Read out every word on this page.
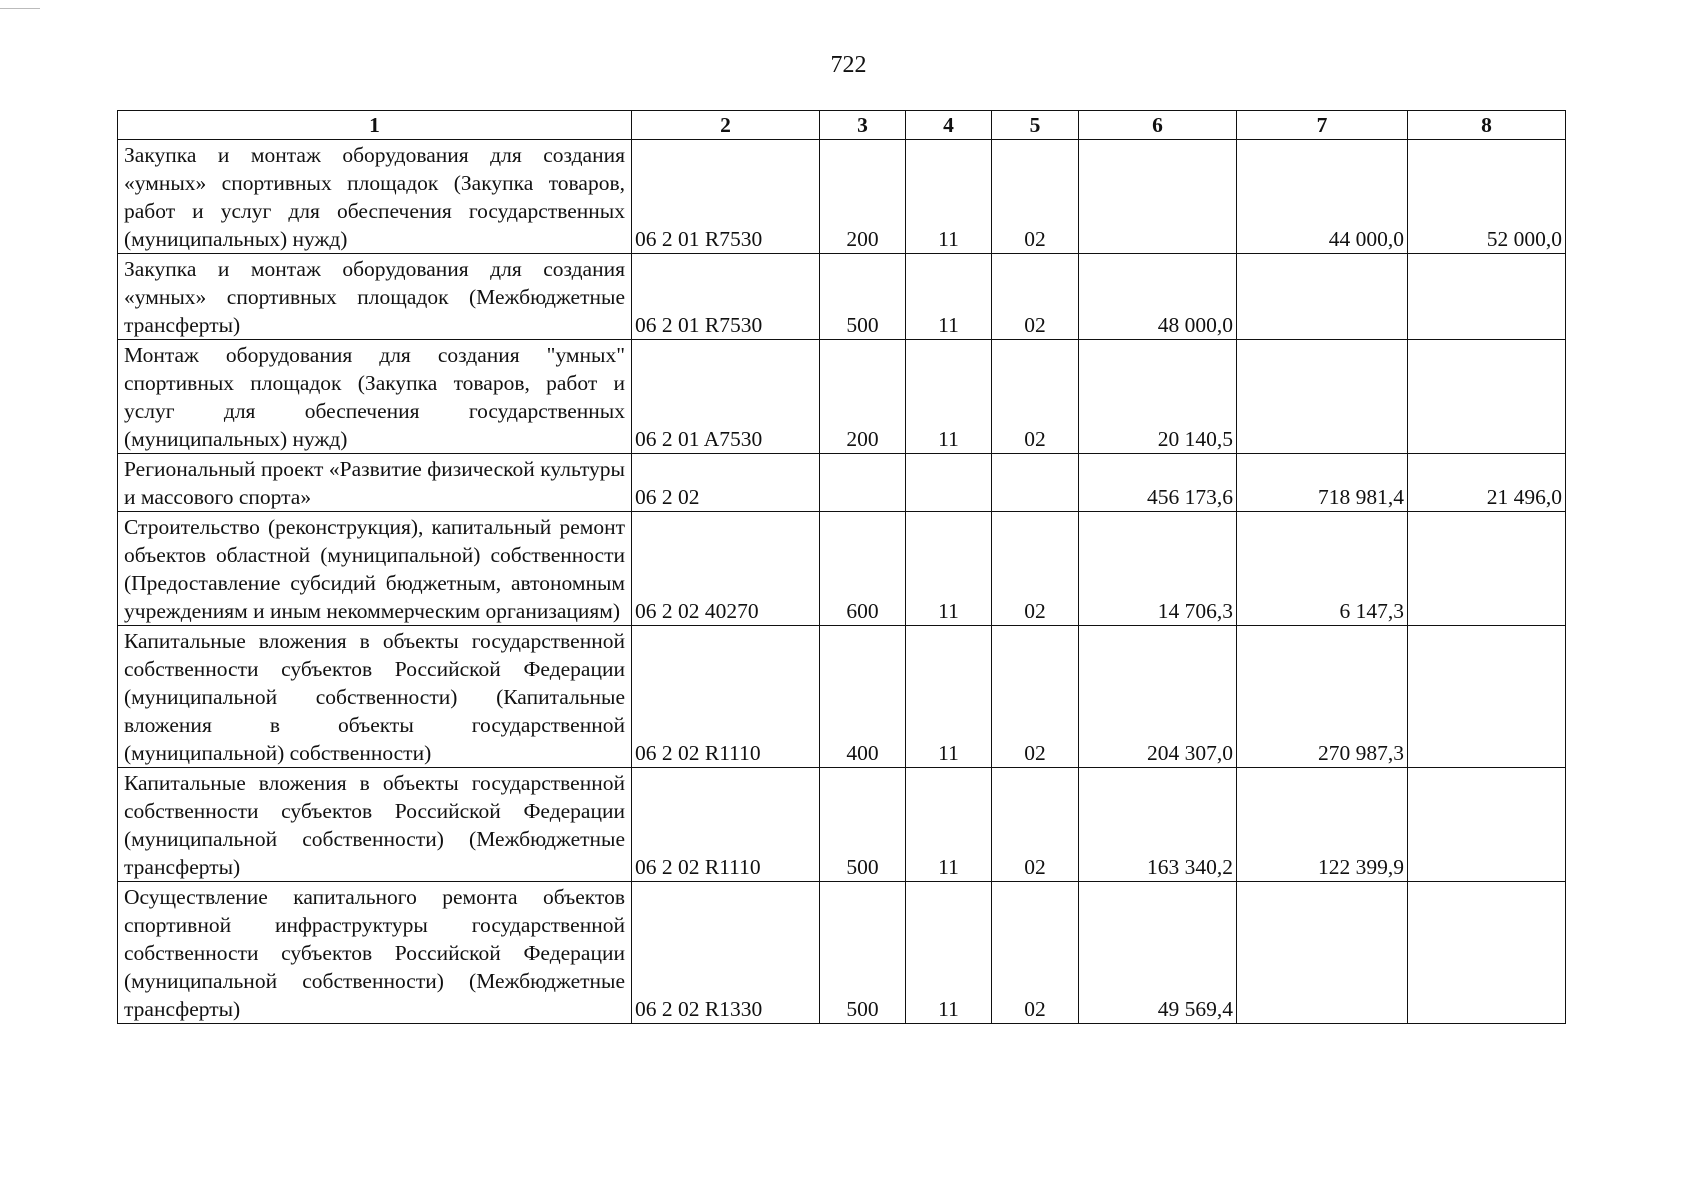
722
1	2	3	4	5	6	7	8
Закупка и монтаж оборудования для создания «умных» спортивных площадок (Закупка товаров, работ и услуг для обеспечения государственных (муниципальных) нужд)	06 2 01 R7530	200	11	02		44 000,0	52 000,0
Закупка и монтаж оборудования для создания «умных» спортивных площадок (Межбюджетные трансферты)	06 2 01 R7530	500	11	02	48 000,0		
Монтаж оборудования для создания "умных" спортивных площадок (Закупка товаров, работ и услуг для обеспечения государственных (муниципальных) нужд)	06 2 01 A7530	200	11	02	20 140,5		
Региональный проект «Развитие физической культуры и массового спорта»	06 2 02				456 173,6	718 981,4	21 496,0
Строительство (реконструкция), капитальный ремонт объектов областной (муниципальной) собственности (Предоставление субсидий бюджетным, автономным учреждениям и иным некоммерческим организациям)	06 2 02 40270	600	11	02	14 706,3	6 147,3	
Капитальные вложения в объекты государственной собственности субъектов Российской Федерации (муниципальной собственности) (Капитальные вложения в объекты государственной (муниципальной) собственности)	06 2 02 R1110	400	11	02	204 307,0	270 987,3	
Капитальные вложения в объекты государственной собственности субъектов Российской Федерации (муниципальной собственности) (Межбюджетные трансферты)	06 2 02 R1110	500	11	02	163 340,2	122 399,9	
Осуществление капитального ремонта объектов спортивной инфраструктуры государственной собственности субъектов Российской Федерации (муниципальной собственности) (Межбюджетные трансферты)	06 2 02 R1330	500	11	02	49 569,4		
